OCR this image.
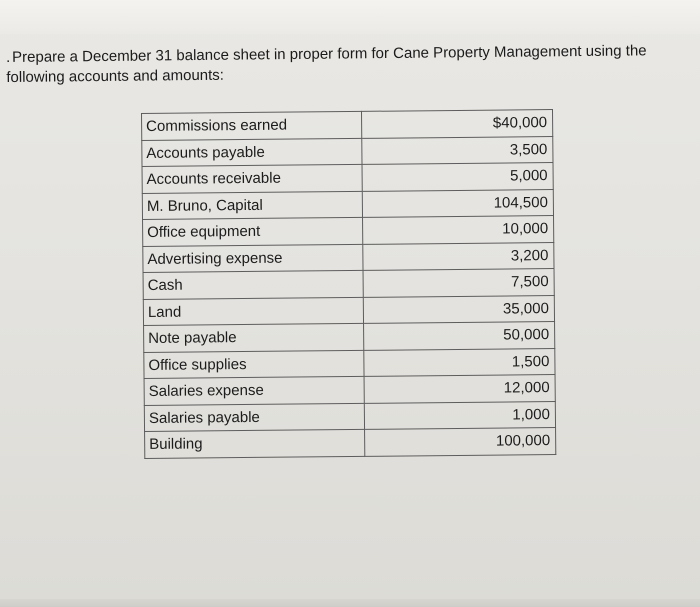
. Prepare a December 31 balance sheet in proper form for Cane Property Management using the
following accounts and amounts:

Commissions earned	$40,000
Accounts payable	3,500
Accounts receivable	5,000
M. Bruno, Capital	104,500
Office equipment	10,000
Advertising expense	3,200
Cash	7,500
Land	35,000
Note payable	50,000
Office supplies	1,500
Salaries expense	12,000
Salaries payable	1,000
Building	100,000
